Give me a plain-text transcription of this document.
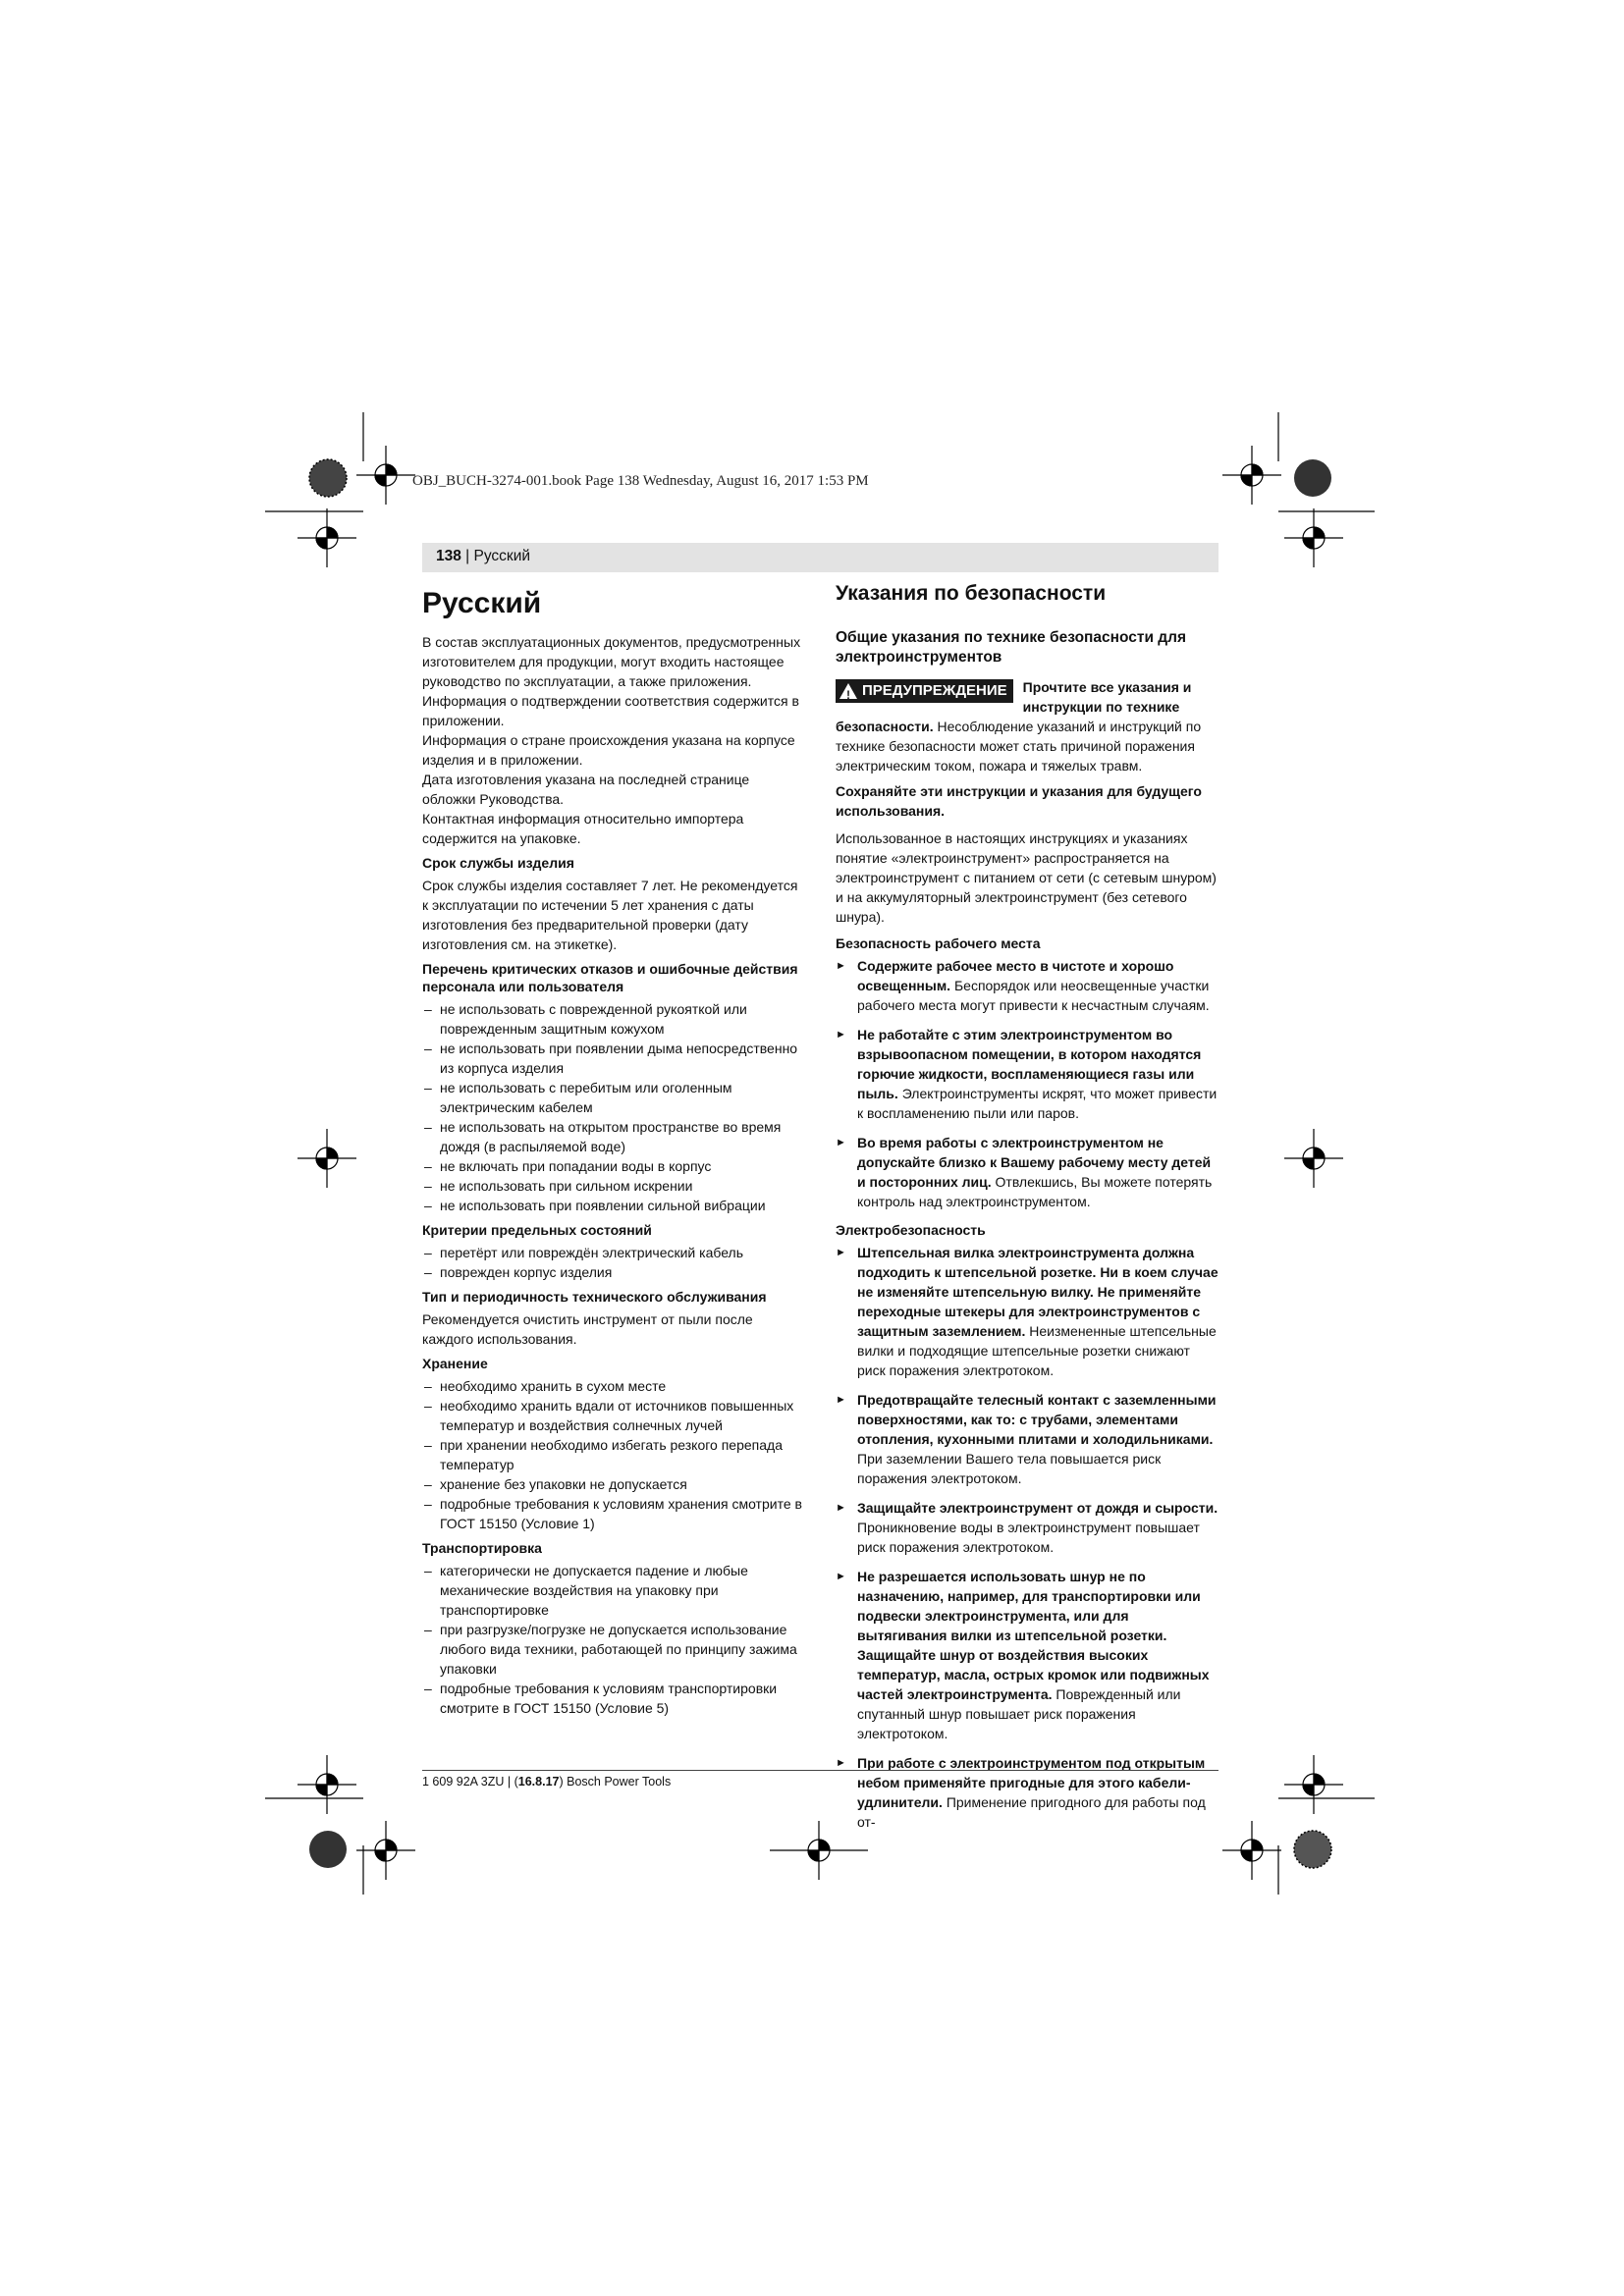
OBJ_BUCH-3274-001.book Page 138 Wednesday, August 16, 2017 1:53 PM
138 | Русский
Русский

В состав эксплуатационных документов, предусмотренных изготовителем для продукции, могут входить настоящее руководство по эксплуатации, а также приложения. Информация о подтверждении соответствия содержится в приложении.

Информация о стране происхождения указана на корпусе изделия и в приложении.

Дата изготовления указана на последней странице обложки Руководства.

Контактная информация относительно импортера содержится на упаковке.

Срок службы изделия

Срок службы изделия составляет 7 лет. Не рекомендуется к эксплуатации по истечении 5 лет хранения с даты изготовления без предварительной проверки (дату изготовления см. на этикетке).

Перечень критических отказов и ошибочные действия персонала или пользователя
– не использовать с поврежденной рукояткой или поврежденным защитным кожухом
– не использовать при появлении дыма непосредственно из корпуса изделия
– не использовать с перебитым или оголенным электрическим кабелем
– не использовать на открытом пространстве во время дождя (в распыляемой воде)
– не включать при попадании воды в корпус
– не использовать при сильном искрении
– не использовать при появлении сильной вибрации
Критерии предельных состояний
– перетёрт или повреждён электрический кабель
– поврежден корпус изделия
Тип и периодичность технического обслуживания

Рекомендуется очистить инструмент от пыли после каждого использования.

Хранение
– необходимо хранить в сухом месте
– необходимо хранить вдали от источников повышенных температур и воздействия солнечных лучей
– при хранении необходимо избегать резкого перепада температур
– хранение без упаковки не допускается
– подробные требования к условиям хранения смотрите в ГОСТ 15150 (Условие 1)
Транспортировка
– категорически не допускается падение и любые механические воздействия на упаковку при транспортировке
– при разгрузке/погрузке не допускается использование любого вида техники, работающей по принципу зажима упаковки
– подробные требования к условиям транспортировки смотрите в ГОСТ 15150 (Условие 5)
Указания по безопасности
Общие указания по технике безопасности для электроинструментов

! ПРЕДУПРЕЖДЕНИЕ Прочтите все указания и инструкции по технике безопасности. Несоблюдение указаний и инструкций по технике безопасности может стать причиной поражения электрическим током, пожара и тяжелых травм.

Сохраняйте эти инструкции и указания для будущего использования.

Использованное в настоящих инструкциях и указаниях понятие «электроинструмент» распространяется на электроинструмент с питанием от сети (с сетевым шнуром) и на аккумуляторный электроинструмент (без сетевого шнура).

Безопасность рабочего места
► Содержите рабочее место в чистоте и хорошо освещенным. Беспорядок или неосвещенные участки рабочего места могут привести к несчастным случаям.
► Не работайте с этим электроинструментом во взрывоопасном помещении, в котором находятся горючие жидкости, воспламеняющиеся газы или пыль. Электроинструменты искрят, что может привести к воспламенению пыли или паров.
► Во время работы с электроинструментом не допускайте близко к Вашему рабочему месту детей и посторонних лиц. Отвлекшись, Вы можете потерять контроль над электроинструментом.
Электробезопасность
► Штепсельная вилка электроинструмента должна подходить к штепсельной розетке. Ни в коем случае не изменяйте штепсельную вилку. Не применяйте переходные штекеры для электроинструментов с защитным заземлением. Неизмененные штепсельные вилки и подходящие штепсельные розетки снижают риск поражения электротоком.
► Предотвращайте телесный контакт с заземленными поверхностями, как то: с трубами, элементами отопления, кухонными плитами и холодильниками. При заземлении Вашего тела повышается риск поражения электротоком.
► Защищайте электроинструмент от дождя и сырости. Проникновение воды в электроинструмент повышает риск поражения электротоком.
► Не разрешается использовать шнур не по назначению, например, для транспортировки или подвески электроинструмента, или для вытягивания вилки из штепсельной розетки. Защищайте шнур от воздействия высоких температур, масла, острых кромок или подвижных частей электроинструмента. Поврежденный или спутанный шнур повышает риск поражения электротоком.
► При работе с электроинструментом под открытым небом применяйте пригодные для этого кабели-удлинители. Применение пригодного для работы под от-
1 609 92A 3ZU | (16.8.17) Bosch Power Tools
